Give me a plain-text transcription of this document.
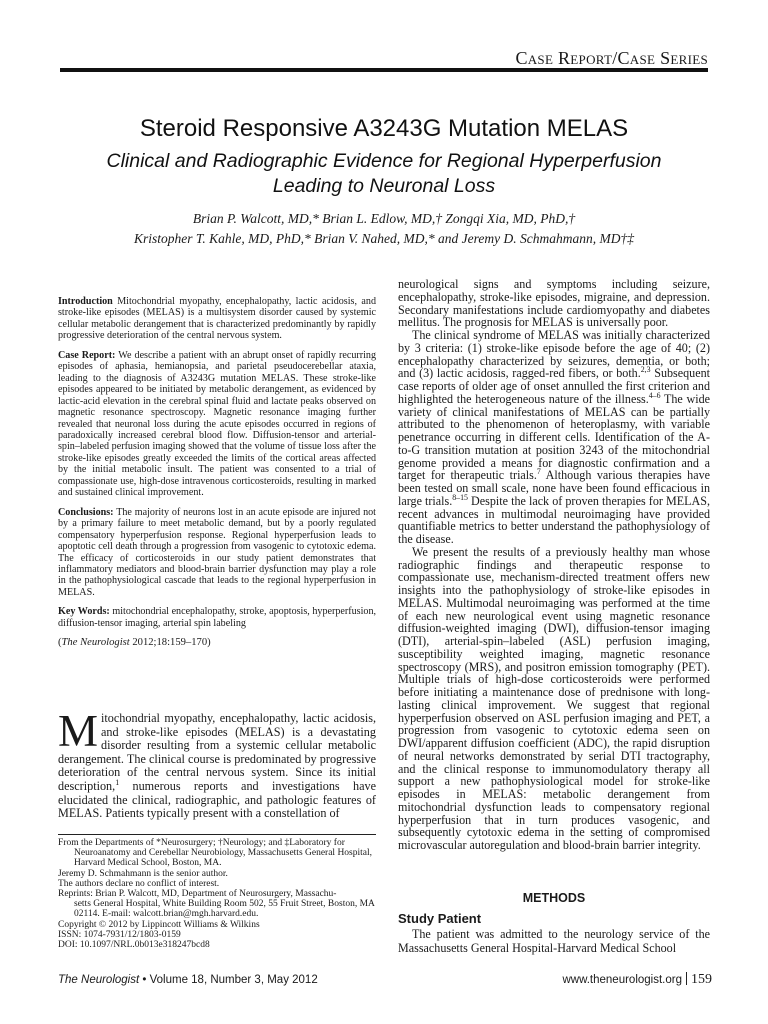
Case Report/Case Series
Steroid Responsive A3243G Mutation MELAS
Clinical and Radiographic Evidence for Regional Hyperperfusion
Leading to Neuronal Loss
Brian P. Walcott, MD,* Brian L. Edlow, MD,† Zongqi Xia, MD, PhD,†
Kristopher T. Kahle, MD, PhD,* Brian V. Nahed, MD,* and Jeremy D. Schmahmann, MD†‡

Introduction Mitochondrial myopathy, encephalopathy, lactic acidosis, and stroke-like episodes (MELAS) is a multisystem disorder caused by systemic cellular metabolic derangement that is characterized predominantly by rapidly progressive deterioration of the central nervous system.

Case Report: We describe a patient with an abrupt onset of rapidly recurring episodes of aphasia, hemianopsia, and parietal pseudocerebellar ataxia, leading to the diagnosis of A3243G mutation MELAS. These stroke-like episodes appeared to be initiated by metabolic derangement, as evidenced by lactic-acid elevation in the cerebral spinal fluid and lactate peaks observed on magnetic resonance spectroscopy. Magnetic resonance imaging further revealed that neuronal loss during the acute episodes occurred in regions of paradoxically increased cerebral blood flow. Diffusion-tensor and arterial-spin–labeled perfusion imaging showed that the volume of tissue loss after the stroke-like episodes greatly exceeded the limits of the cortical areas affected by the initial metabolic insult. The patient was consented to a trial of compassionate use, high-dose intravenous corticosteroids, resulting in marked and sustained clinical improvement.

Conclusions: The majority of neurons lost in an acute episode are injured not by a primary failure to meet metabolic demand, but by a poorly regulated compensatory hyperperfusion response. Regional hyperperfusion leads to apoptotic cell death through a progression from vasogenic to cytotoxic edema. The efficacy of corticosteroids in our study patient demonstrates that inflammatory mediators and blood-brain barrier dysfunction may play a role in the pathophysiological cascade that leads to the regional hyperperfusion in MELAS.

Key Words: mitochondrial encephalopathy, stroke, apoptosis, hyperperfusion, diffusion-tensor imaging, arterial spin labeling

(The Neurologist 2012;18:159–170)

Mitochondrial myopathy, encephalopathy, lactic acidosis, and stroke-like episodes (MELAS) is a devastating disorder resulting from a systemic cellular metabolic derangement. The clinical course is predominated by progressive deterioration of the central nervous system. Since its initial description,$^1$ numerous reports and investigations have elucidated the clinical, radiographic, and pathologic features of MELAS. Patients typically present with a constellation of

From the Departments of *Neurosurgery; †Neurology; and ‡Laboratory for
Neuroanatomy and Cerebellar Neurobiology, Massachusetts General Hospital, Harvard Medical School, Boston, MA.
Jeremy D. Schmahmann is the senior author.
The authors declare no conflict of interest.
Reprints: Brian P. Walcott, MD, Department of Neurosurgery, Massachu-
setts General Hospital, White Building Room 502, 55 Fruit Street, Boston, MA 02114. E-mail: walcott.brian@mgh.harvard.edu.
Copyright © 2012 by Lippincott Williams & Wilkins
ISSN: 1074-7931/12/1803-0159
DOI: 10.1097/NRL.0b013e318247bcd8

neurological signs and symptoms including seizure, encephalopathy, stroke-like episodes, migraine, and depression. Secondary manifestations include cardiomyopathy and diabetes mellitus. The prognosis for MELAS is universally poor.

The clinical syndrome of MELAS was initially characterized by 3 criteria: (1) stroke-like episode before the age of 40; (2) encephalopathy characterized by seizures, dementia, or both; and (3) lactic acidosis, ragged-red fibers, or both.$^{2,3}$ Subsequent case reports of older age of onset annulled the first criterion and highlighted the heterogeneous nature of the illness.$^{4-6}$ The wide variety of clinical manifestations of MELAS can be partially attributed to the phenomenon of heteroplasmy, with variable penetrance occurring in different cells. Identification of the A-to-G transition mutation at position 3243 of the mitochondrial genome provided a means for diagnostic confirmation and a target for therapeutic trials.$^7$ Although various therapies have been tested on small scale, none have been found efficacious in large trials.$^{8-15}$ Despite the lack of proven therapies for MELAS, recent advances in multimodal neuroimaging have provided quantifiable metrics to better understand the pathophysiology of the disease.

We present the results of a previously healthy man whose radiographic findings and therapeutic response to compassionate use, mechanism-directed treatment offers new insights into the pathophysiology of stroke-like episodes in MELAS. Multimodal neuroimaging was performed at the time of each new neurological event using magnetic resonance diffusion-weighted imaging (DWI), diffusion-tensor imaging (DTI), arterial-spin–labeled (ASL) perfusion imaging, susceptibility weighted imaging, magnetic resonance spectroscopy (MRS), and positron emission tomography (PET). Multiple trials of high-dose corticosteroids were performed before initiating a maintenance dose of prednisone with long-lasting clinical improvement. We suggest that regional hyperperfusion observed on ASL perfusion imaging and PET, a progression from vasogenic to cytotoxic edema seen on DWI/apparent diffusion coefficient (ADC), the rapid disruption of neural networks demonstrated by serial DTI tractography, and the clinical response to immunomodulatory therapy all support a new pathophysiological model for stroke-like episodes in MELAS: metabolic derangement from mitochondrial dysfunction leads to compensatory regional hyperperfusion that in turn produces vasogenic, and subsequently cytotoxic edema in the setting of compromised microvascular autoregulation and blood-brain barrier integrity.

METHODS
Study Patient

The patient was admitted to the neurology service of the Massachusetts General Hospital-Harvard Medical School

The Neurologist • Volume 18, Number 3, May 2012	www.theneurologist.org 159
